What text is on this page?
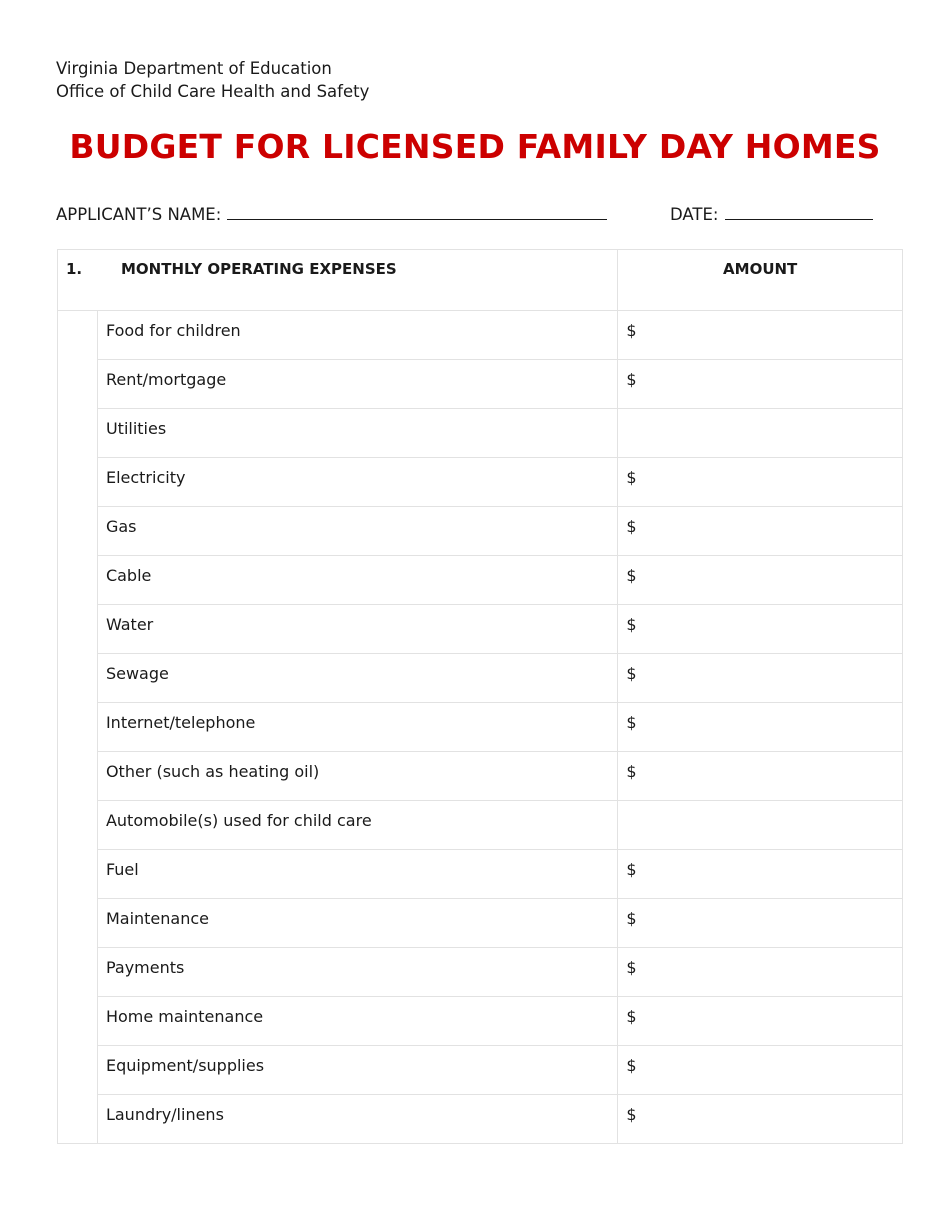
Virginia Department of Education
Office of Child Care Health and Safety
BUDGET FOR LICENSED FAMILY DAY HOMES
APPLICANT’S NAME:	DATE:
1. MONTHLY OPERATING EXPENSES		AMOUNT
	Food for children	$
	Rent/mortgage	$
	Utilities	
	Electricity	$
	Gas	$
	Cable	$
	Water	$
	Sewage	$
	Internet/telephone	$
	Other (such as heating oil)	$
	Automobile(s) used for child care	
	Fuel	$
	Maintenance	$
	Payments	$
	Home maintenance	$
	Equipment/supplies	$
	Laundry/linens	$
